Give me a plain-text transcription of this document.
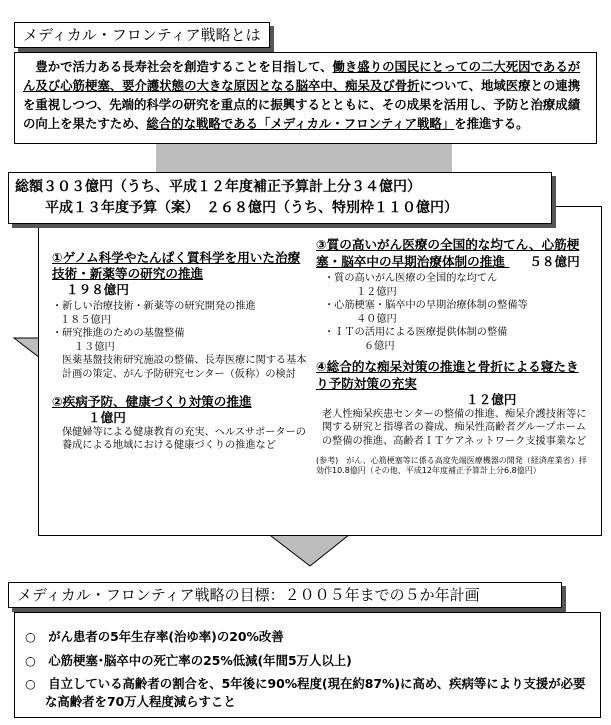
　豊かで活力ある長寿社会を創造することを目指して、働き盛りの国民にとっての二大死因であるがん及び心筋梗塞、要介護状態の大きな原因となる脳卒中、痴呆及び骨折について、地域医療との連携を重視しつつ、先端的科学の研究を重点的に振興するとともに、その成果を活用し、予防と治療成績の向上を果たすため、総合的な戦略である「メディカル・フロンティア戦略」を推進する。

メディカル・フロンティア戦略とは

総額３０３億円（うち、平成１２年度補正予算計上分３４億円）

平成１３年度予算（案）　２６８億円（うち、特別枠１１０億円）

①ゲノム科学やたんぱく質科学を用いた治療技術・新薬等の研究の推進

１９８億円

・新しい治療技術・新薬等の研究開発の推進

１８５億円

・研究推進のための基盤整備

１３億円

医薬基盤技術研究施設の整備、長寿医療に関する基本計画の策定、がん予防研究センター（仮称）の検討

②疾病予防、健康づくり対策の推進

１億円

保健婦等による健康教育の充実、ヘルスサポーターの養成による地域における健康づくりの推進など

③質の高いがん医療の全国的な均てん、心筋梗塞・脳卒中の早期治療体制の推進 ５８億円

・質の高いがん医療の全国的な均てん

１２億円

・心筋梗塞・脳卒中の早期治療体制の整備等

４０億円

・ＩＴの活用による医療提供体制の整備

６億円

④総合的な痴呆対策の推進と骨折による寝たきり予防対策の充実

１２億円

老人性痴呆疾患センターの整備の推進、痴呆介護技術等に関する研究と指導者の養成、痴呆性高齢者グループホームの整備の推進、高齢者ＩＴケアネットワーク支援事業など

(参考)　がん、心筋梗塞等に係る高度先端医療機器の開発（経済産業省）拝効作10.8億円（その他、平成12年度補正予算計上分6.8億円）

○　がん患者の5年生存率(治ゆ率)の20%改善

○　心筋梗塞･脳卒中の死亡率の25%低減(年間5万人以上)

○　自立している高齢者の割合を、5年後に90%程度(現在約87%)に高め、疾病等により支援が必要な高齢者を70万人程度減らすこと

メディカル・フロンティア戦略の目標：２００５年までの５か年計画
